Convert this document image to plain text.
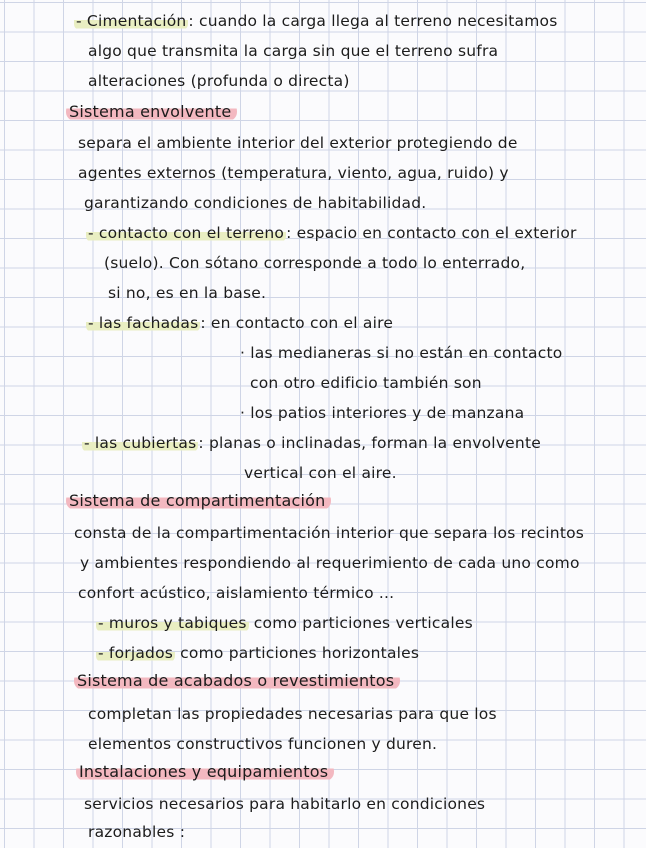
- Cimentación : cuando la carga llega al terreno necesitamos
algo que transmita la carga sin que el terreno sufra
alteraciones (profunda o directa)
Sistema envolvente
separa el ambiente interior del exterior protegiendo de
agentes externos (temperatura, viento, agua, ruido) y
garantizando condiciones de habitabilidad.
- contacto con el terreno : espacio en contacto con el exterior
(suelo). Con sótano corresponde a todo lo enterrado,
si no, es en la base.
- las fachadas : en contacto con el aire
· las medianeras si no están en contacto
con otro edificio también son
· los patios interiores y de manzana
- las cubiertas : planas o inclinadas, forman la envolvente
vertical con el aire.
Sistema de compartimentación
consta de la compartimentación interior que separa los recintos
y ambientes respondiendo al requerimiento de cada uno como
confort acústico, aislamiento térmico ...
- muros y tabiques como particiones verticales
- forjados como particiones horizontales
Sistema de acabados o revestimientos
completan las propiedades necesarias para que los
elementos constructivos funcionen y duren.
Instalaciones y equipamientos
servicios necesarios para habitarlo en condiciones
razonables :
